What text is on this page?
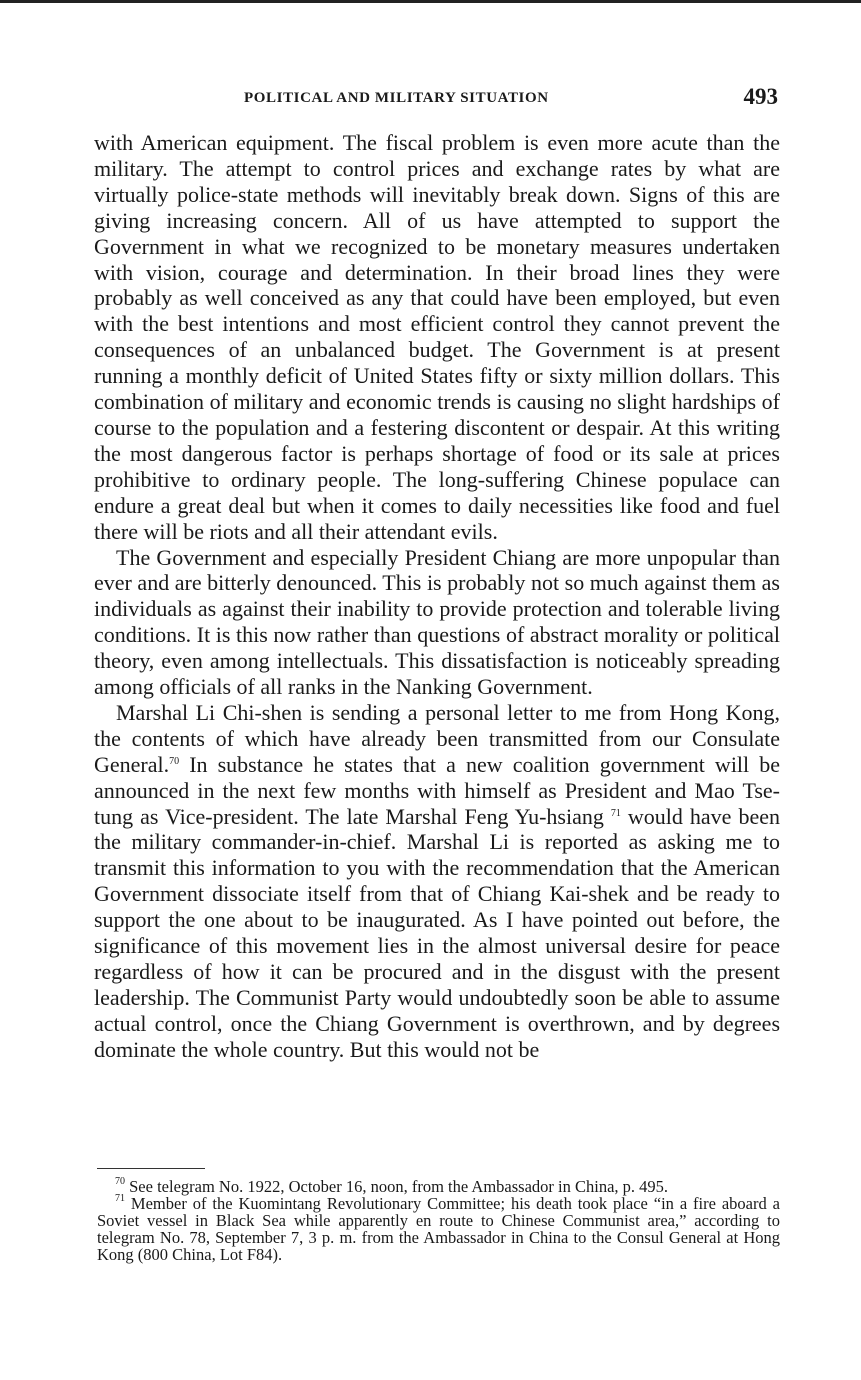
POLITICAL AND MILITARY SITUATION	493

with American equipment. The fiscal problem is even more acute than the military. The attempt to control prices and exchange rates by what are virtually police-state methods will inevitably break down. Signs of this are giving increasing concern. All of us have attempted to support the Government in what we recognized to be monetary measures undertaken with vision, courage and determination. In their broad lines they were probably as well conceived as any that could have been employed, but even with the best intentions and most efficient control they cannot prevent the consequences of an unbalanced budget. The Government is at present running a monthly deficit of United States fifty or sixty million dollars. This combination of military and economic trends is causing no slight hardships of course to the population and a festering discontent or despair. At this writing the most dangerous factor is perhaps shortage of food or its sale at prices prohibitive to ordinary people. The long-suffering Chinese populace can endure a great deal but when it comes to daily necessities like food and fuel there will be riots and all their attendant evils.

The Government and especially President Chiang are more unpopular than ever and are bitterly denounced. This is probably not so much against them as individuals as against their inability to provide protection and tolerable living conditions. It is this now rather than questions of abstract morality or political theory, even among intellectuals. This dissatisfaction is noticeably spreading among officials of all ranks in the Nanking Government.

Marshal Li Chi-shen is sending a personal letter to me from Hong Kong, the contents of which have already been transmitted from our Consulate General.$^{70}$ In substance he states that a new coalition government will be announced in the next few months with himself as President and Mao Tse-tung as Vice-president. The late Marshal Feng Yu-hsiang $^{71}$ would have been the military commander-in-chief. Marshal Li is reported as asking me to transmit this information to you with the recommendation that the American Government dissociate itself from that of Chiang Kai-shek and be ready to support the one about to be inaugurated. As I have pointed out before, the significance of this movement lies in the almost universal desire for peace regardless of how it can be procured and in the disgust with the present leadership. The Communist Party would undoubtedly soon be able to assume actual control, once the Chiang Government is overthrown, and by degrees dominate the whole country. But this would not be

$^{70}$ See telegram No. 1922, October 16, noon, from the Ambassador in China, p. 495.

$^{71}$ Member of the Kuomintang Revolutionary Committee; his death took place “in a fire aboard a Soviet vessel in Black Sea while apparently en route to Chinese Communist area,” according to telegram No. 78, September 7, 3 p. m. from the Ambassador in China to the Consul General at Hong Kong (800 China, Lot F84).
